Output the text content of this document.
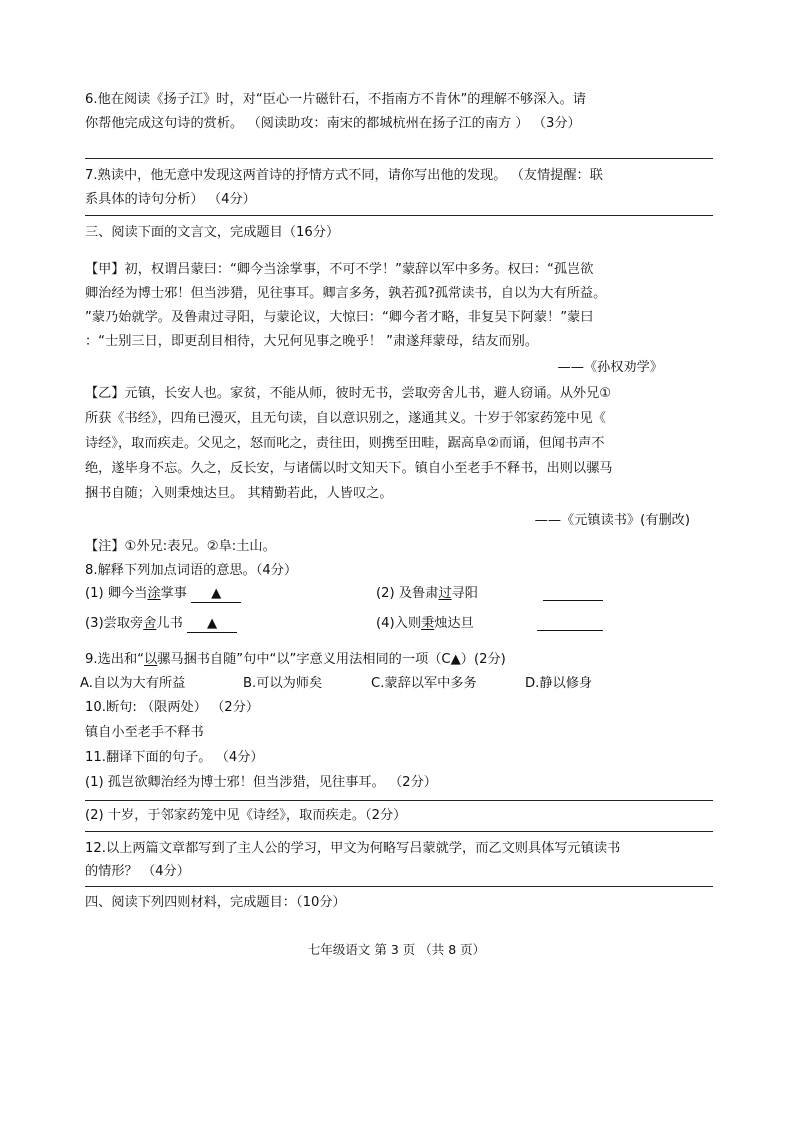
6.他在阅读《扬子江》时，对“臣心一片磁针石，不指南方不肯休”的理解不够深入。请
你帮他完成这句诗的赏析。 （阅读助攻：南宋的都城杭州在扬子江的南方 ） （3分）
7.熟读中，他无意中发现这两首诗的抒情方式不同，请你写出他的发现。 （友情提醒：联
系具体的诗句分析） （4分）
三、阅读下面的文言文，完成题目（16分）
【甲】初，权谓吕蒙曰：“卿今当涂掌事，不可不学！”蒙辞以军中多务。权曰：“孤岂欲
卿治经为博士邪！但当涉猎，见往事耳。卿言多务，孰若孤?孤常读书，自以为大有所益。
”蒙乃始就学。及鲁肃过寻阳，与蒙论议，大惊曰：“卿今者才略，非复吴下阿蒙！”蒙曰
：“士别三日，即更刮目相待，大兄何见事之晚乎！ ”肃遂拜蒙母，结友而别。
——《孙权劝学》
【乙】元镇，长安人也。家贫，不能从师，彼时无书，尝取旁舍儿书，避人窃诵。从外兄①
所获《书经》，四角已漫灭，且无句读，自以意识别之，遂通其义。十岁于邻家药笼中见《
诗经》，取而疾走。父见之，怒而叱之，责往田，则携至田畦，踞高阜②而诵，但闻书声不
绝，遂毕身不忘。久之，反长安，与诸儒以时文知天下。镇自小至老手不释书，出则以骡马
捆书自随；入则秉烛达旦。 其精勤若此，人皆叹之。
——《元镇读书》(有删改)
【注】①外兄:表兄。②阜:土山。
8.解释下列加点词语的意思。（4分）
(1) 卿今当涂掌事 ▲	(2) 及鲁肃过寻阳
(3)尝取旁舍儿书 ▲	(4)入则秉烛达旦
9.选出和“以骡马捆书自随”句中“以”字意义用法相同的一项（C▲）(2分)
A.自以为大有所益	B.可以为师矣	C.蒙辞以军中多务	D.静以修身
10.断句: （限两处） （2分）
镇自小至老手不释书
11.翻译下面的句子。 （4分）
(1) 孤岂欲卿治经为博士邪！但当涉猎，见往事耳。 （2分）
(2) 十岁，于邻家药笼中见《诗经》，取而疾走。（2分）
12.以上两篇文章都写到了主人公的学习，甲文为何略写吕蒙就学，而乙文则具体写元镇读书
的情形？ （4分）
四、阅读下列四则材料，完成题目：（10分）
七年级语文 第 3 页 （共 8 页）
